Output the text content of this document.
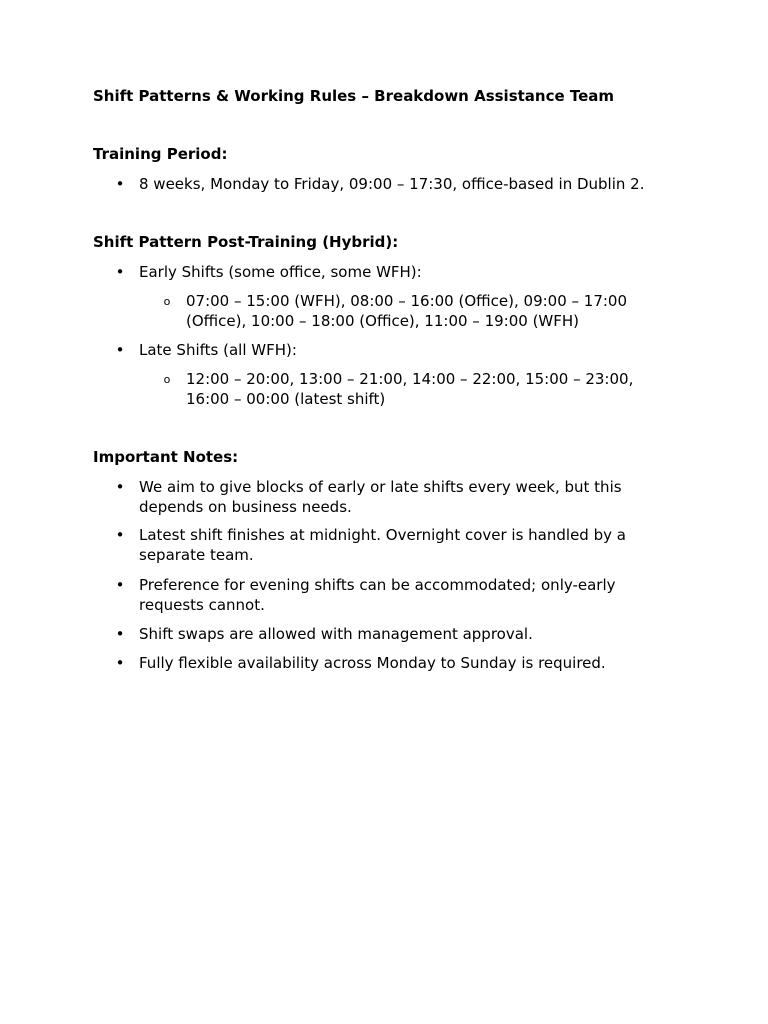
Shift Patterns & Working Rules – Breakdown Assistance Team
Training Period:
• 8 weeks, Monday to Friday, 09:00 – 17:30, office-based in Dublin 2.
Shift Pattern Post-Training (Hybrid):
• Early Shifts (some office, some WFH):
o 07:00 – 15:00 (WFH), 08:00 – 16:00 (Office), 09:00 – 17:00
(Office), 10:00 – 18:00 (Office), 11:00 – 19:00 (WFH)
• Late Shifts (all WFH):
o 12:00 – 20:00, 13:00 – 21:00, 14:00 – 22:00, 15:00 – 23:00,
16:00 – 00:00 (latest shift)
Important Notes:
• We aim to give blocks of early or late shifts every week, but this
depends on business needs.
• Latest shift finishes at midnight. Overnight cover is handled by a
separate team.
• Preference for evening shifts can be accommodated; only-early
requests cannot.
• Shift swaps are allowed with management approval.
• Fully flexible availability across Monday to Sunday is required.
